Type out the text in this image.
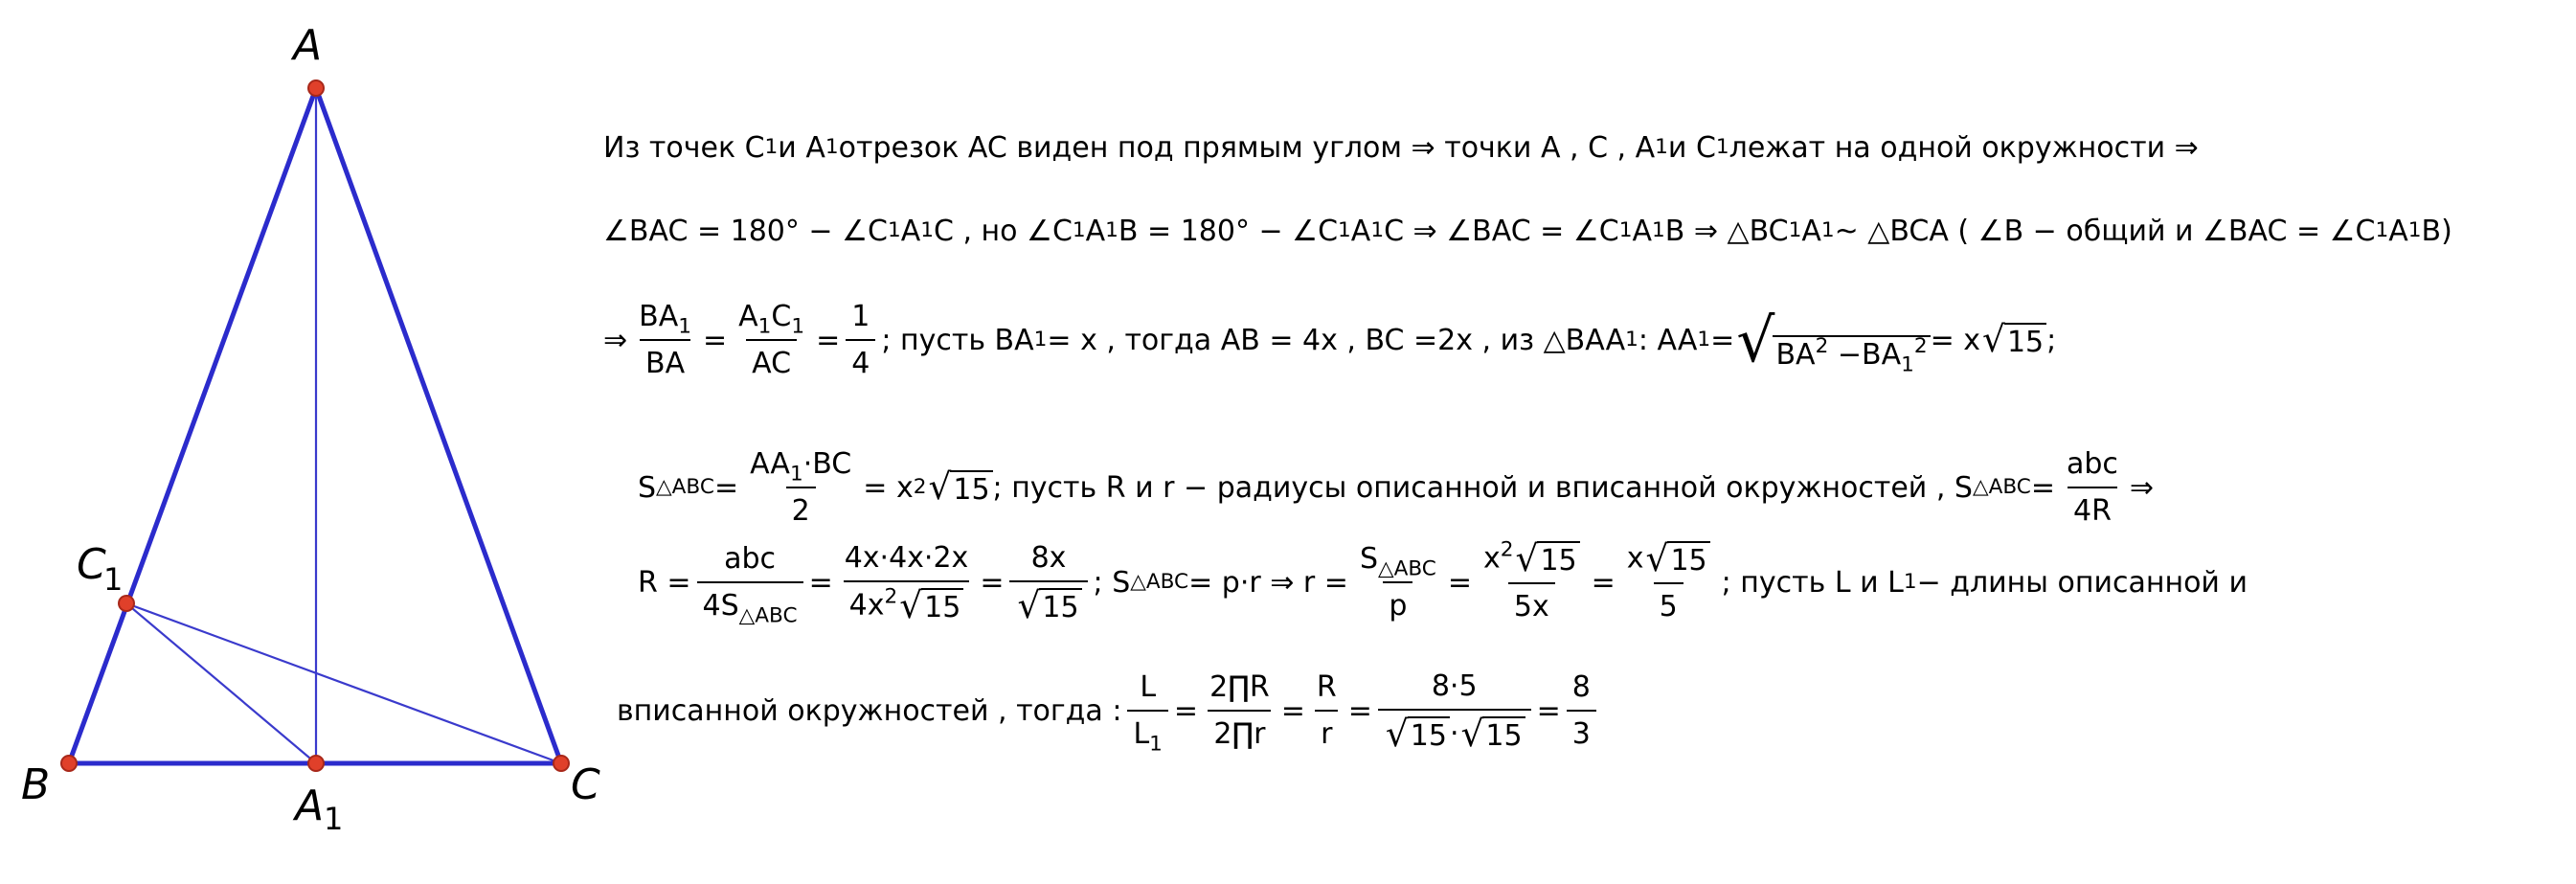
A
B	C
C
1
A 1
Из точек C 1 и A 1 отрезок AC виден под прямым углом ⇒ точки A , C , A 1 и C 1 лежат на одной окружности ⇒
∠BAC = 180° − ∠C 1 A 1 C , но ∠C 1 A 1 B = 180° − ∠C 1 A 1 C ⇒ ∠BAC = ∠C 1 A 1 B ⇒ △BC 1 A 1 ~ △BCA ( ∠B − общий и ∠BAC = ∠C 1 A 1 B)
⇒ $\frac{BA_1}{BA} = \frac{A_1C_1}{AC} = \frac{1}{4}$ ; пусть BA 1 = x , тогда AB = 4x , BC =2x , из △BAA 1 : AA 1 = √ $BA^2 -BA_1^2 = x$ √ 15 ;
S △ABC = $\frac{AA_1\cdot BC}{2} = x$ 2 √ 15 ; пусть R и r − радиусы описанной и вписанной окружностей , S △ABC =
abc
4R
⇒
R =
abc
$4S_{\triangle ABC}$
= $\frac{4x\cdot 4x\cdot 2x}{4x^2 √ 15} = \frac{8x}{√ 15}$ ; S △ABC = p·r ⇒ r =
$S_{\triangle ABC}$
p
= $\frac{x^2 √ 15}{5x} = \frac{x √ 15}{5}$ ; пусть L и L 1 − длины описанной и
вписанной окружностей , тогда : $\frac{L}{L_1} = \frac{2\prod R}{2\prod r} = \frac{R}{r} = \frac{8\cdot 5}{√ 15 \cdot √ 15} = \frac{8}{3}$
